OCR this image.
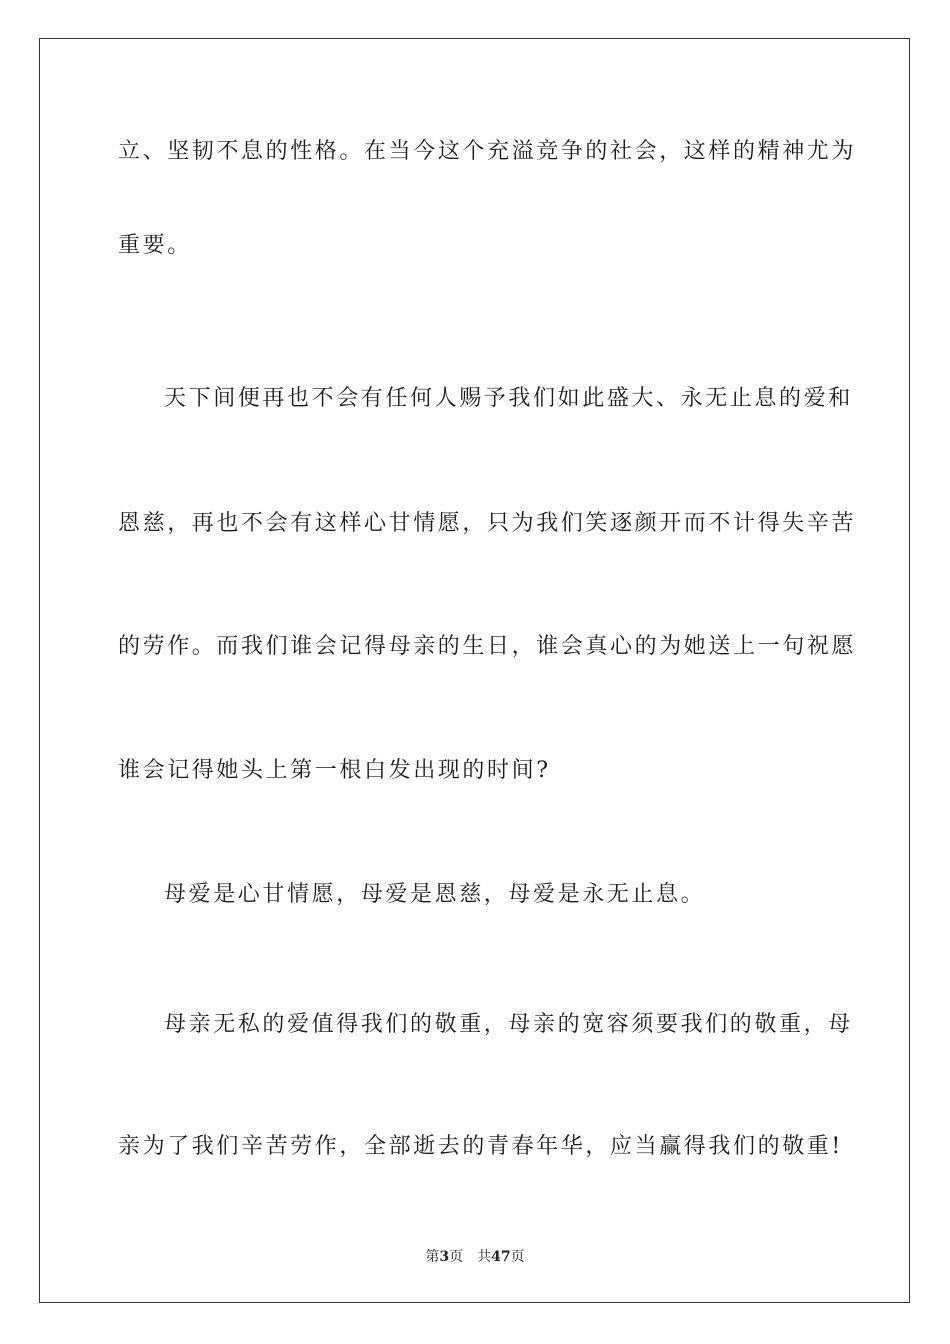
立、坚韧不息的性格。在当今这个充溢竞争的社会，这样的精神尤为
重要。
天下间便再也不会有任何人赐予我们如此盛大、永无止息的爱和
恩慈，再也不会有这样心甘情愿，只为我们笑逐颜开而不计得失辛苦
的劳作。而我们谁会记得母亲的生日，谁会真心的为她送上一句祝愿
谁会记得她头上第一根白发出现的时间?
母爱是心甘情愿，母爱是恩慈，母爱是永无止息。
母亲无私的爱值得我们的敬重，母亲的宽容须要我们的敬重，母
亲为了我们辛苦劳作，全部逝去的青春年华，应当赢得我们的敬重!
第3页 共47页
